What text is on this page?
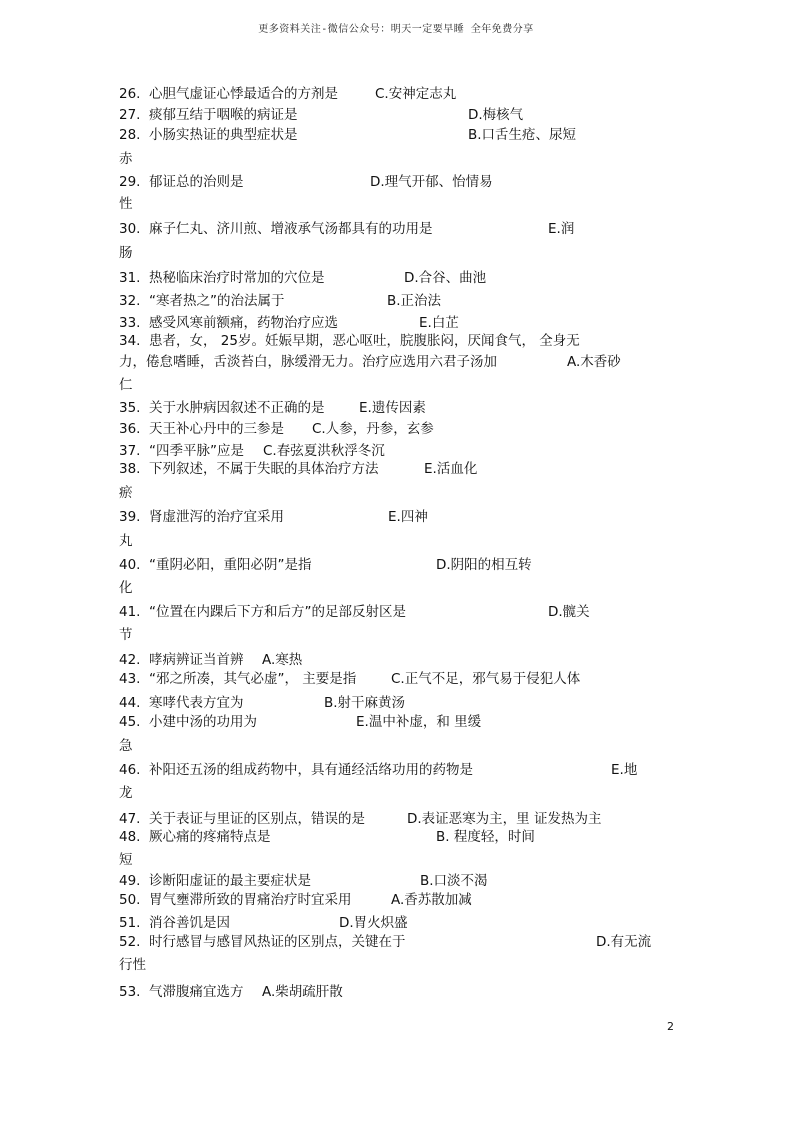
更多资料关注-微信公众号：明天一定要早睡 全年免费分享
26. 心胆气虚证心悸最适合的方剂是	C.安神定志丸
27. 痰郁互结于咽喉的病证是	D.梅核气
28. 小肠实热证的典型症状是	B.口舌生疮、尿短
赤
29. 郁证总的治则是	D.理气开郁、怡情易
性
30. 麻子仁丸、济川煎、增液承气汤都具有的功用是	E.润
肠
31. 热秘临床治疗时常加的穴位是	D.合谷、曲池
32. “寒者热之”的治法属于	B.正治法
33. 感受风寒前额痛，药物治疗应选	E.白芷
34. 患者，女， 25岁。妊娠早期，恶心呕吐，脘腹胀闷，厌闻食气， 全身无
力，倦怠嗜睡，舌淡苔白，脉缓滑无力。治疗应选用六君子汤加	A.木香砂
仁
35. 关于水肿病因叙述不正确的是	E.遗传因素
36. 天王补心丹中的三参是 C.人参，丹参，玄参
37. “四季平脉”应是 C.春弦夏洪秋浮冬沉
38. 下列叙述，不属于失眠的具体治疗方法	E.活血化
瘀
39. 肾虚泄泻的治疗宜采用	E.四神
丸
40. “重阴必阳，重阳必阴”是指	D.阴阳的相互转
化
41. “位置在内踝后下方和后方”的足部反射区是	D.髋关
节
42. 哮病辨证当首辨 A.寒热
43. “邪之所凑，其气必虚”， 主要是指	C.正气不足，邪气易于侵犯人体
44. 寒哮代表方宜为	B.射干麻黄汤
45. 小建中汤的功用为	E.温中补虚，和 里缓
急
46. 补阳还五汤的组成药物中，具有通经活络功用的药物是	E.地
龙
47. 关于表证与里证的区别点，错误的是	D.表证恶寒为主，里 证发热为主
48. 厥心痛的疼痛特点是	B. 程度轻，时间
短
49. 诊断阳虚证的最主要症状是	B.口淡不渴
50. 胃气壅滞所致的胃痛治疗时宜采用	A.香苏散加减
51. 消谷善饥是因	D.胃火炽盛
52. 时行感冒与感冒风热证的区别点，关键在于	D.有无流
行性
53. 气滞腹痛宜选方 A.柴胡疏肝散
2
